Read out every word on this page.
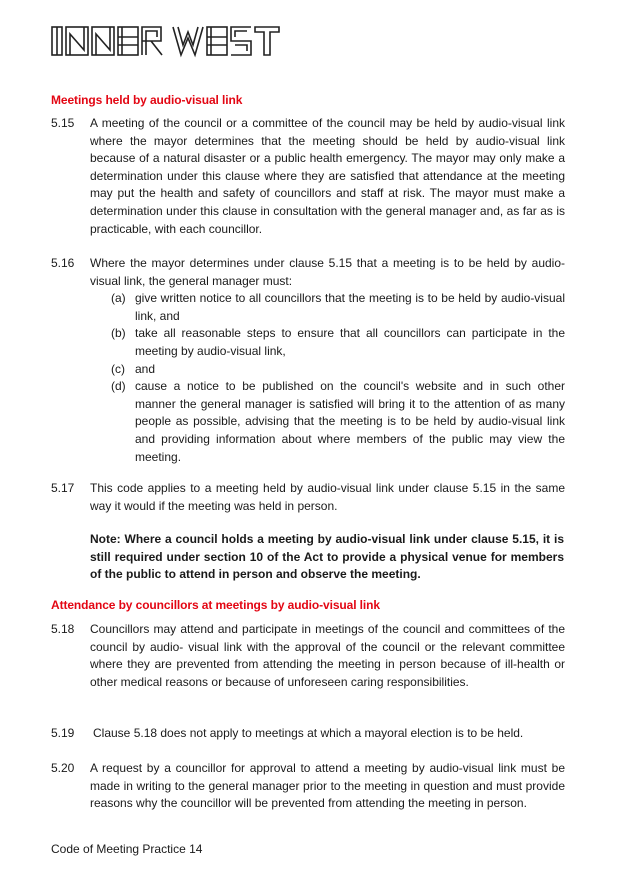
Meetings held by audio-visual link
5.15 A meeting of the council or a committee of the council may be held by audio-visual link where the mayor determines that the meeting should be held by audio-visual link because of a natural disaster or a public health emergency. The mayor may only make a determination under this clause where they are satisfied that attendance at the meeting may put the health and safety of councillors and staff at risk. The mayor must make a determination under this clause in consultation with the general manager and, as far as is practicable, with each councillor.
5.16 Where the mayor determines under clause 5.15 that a meeting is to be held by audio-visual link, the general manager must:
(a) give written notice to all councillors that the meeting is to be held by audio-visual link, and
(b) take all reasonable steps to ensure that all councillors can participate in the meeting by audio-visual link,
(c) and
(d) cause a notice to be published on the council's website and in such other manner the general manager is satisfied will bring it to the attention of as many people as possible, advising that the meeting is to be held by audio-visual link and providing information about where members of the public may view the meeting.
5.17 This code applies to a meeting held by audio-visual link under clause 5.15 in the same way it would if the meeting was held in person.
Note: Where a council holds a meeting by audio-visual link under clause 5.15, it is still required under section 10 of the Act to provide a physical venue for members of the public to attend in person and observe the meeting.
Attendance by councillors at meetings by audio-visual link
5.18 Councillors may attend and participate in meetings of the council and committees of the council by audio- visual link with the approval of the council or the relevant committee where they are prevented from attending the meeting in person because of ill-health or other medical reasons or because of unforeseen caring responsibilities.
5.19 Clause 5.18 does not apply to meetings at which a mayoral election is to be held.
5.20 A request by a councillor for approval to attend a meeting by audio-visual link must be made in writing to the general manager prior to the meeting in question and must provide reasons why the councillor will be prevented from attending the meeting in person.
Code of Meeting Practice 14
